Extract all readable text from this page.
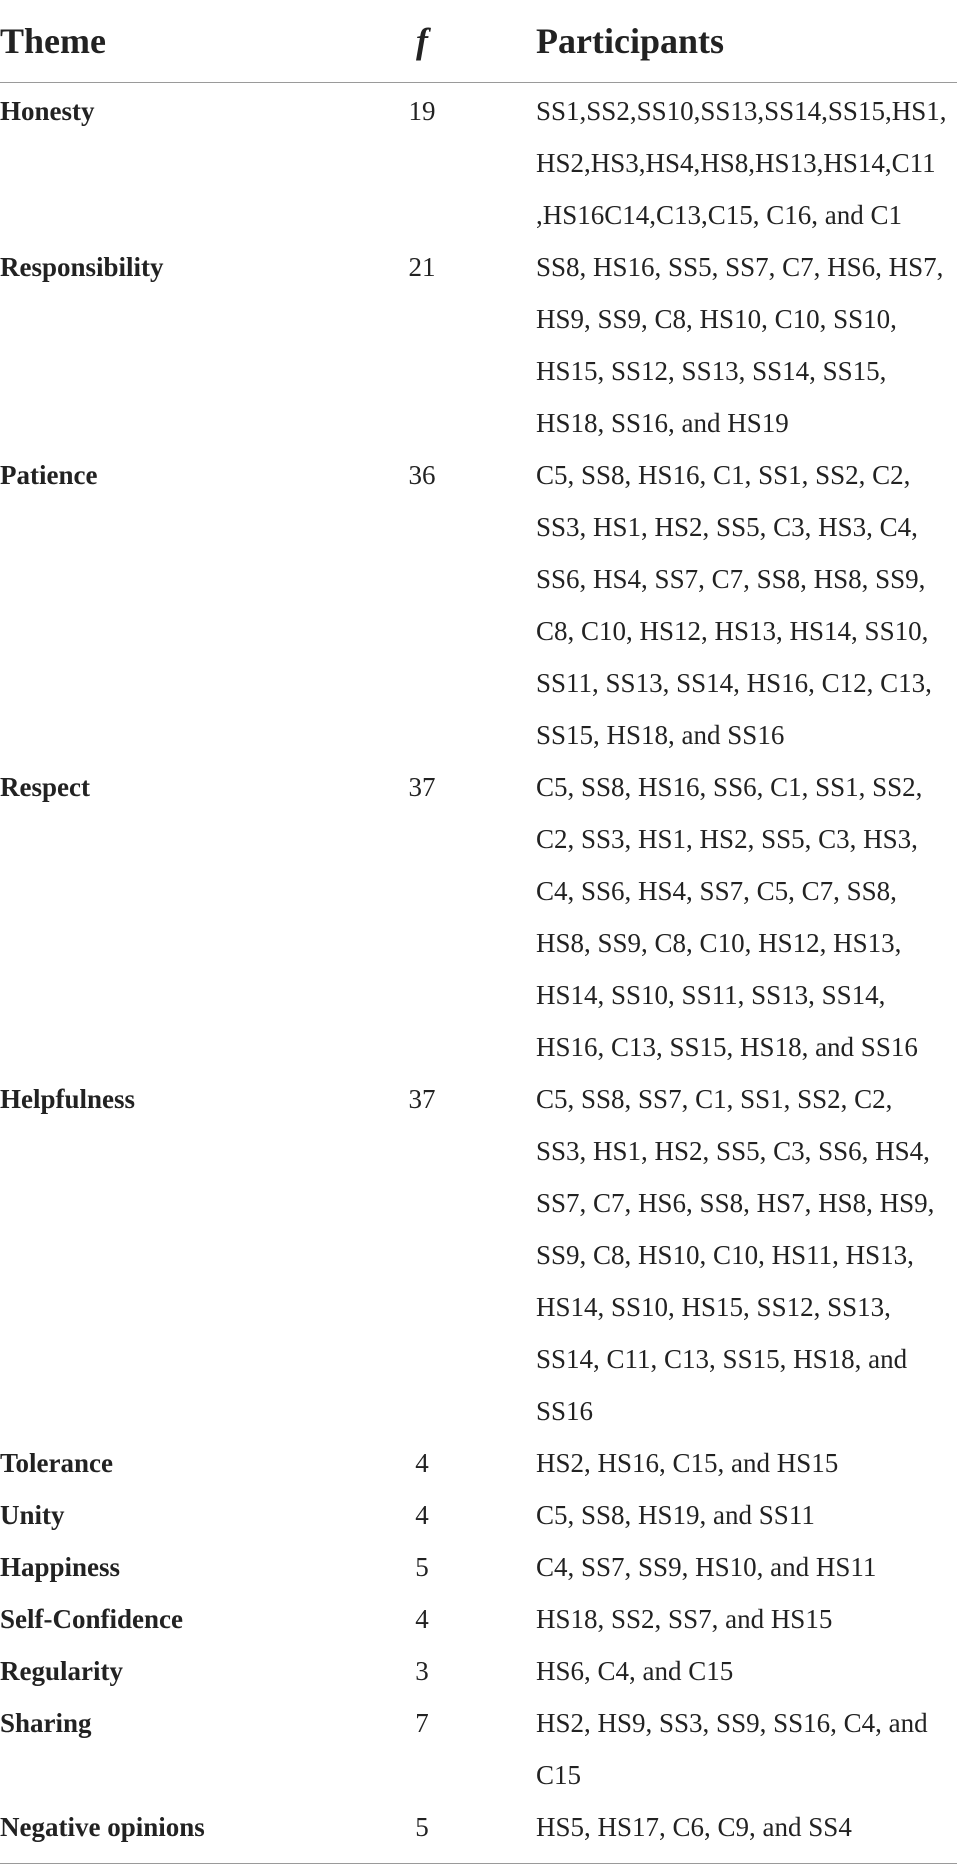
Theme	f	Participants
Honesty	19	SS1,SS2,SS10,SS13,SS14,SS15,HS1, HS2,HS3,HS4,HS8,HS13,HS14,C11 ,HS16C14,C13,C15, C16, and C1
Responsibility	21	SS8, HS16, SS5, SS7, C7, HS6, HS7, HS9, SS9, C8, HS10, C10, SS10, HS15, SS12, SS13, SS14, SS15, HS18, SS16, and HS19
Patience	36	C5, SS8, HS16, C1, SS1, SS2, C2, SS3, HS1, HS2, SS5, C3, HS3, C4, SS6, HS4, SS7, C7, SS8, HS8, SS9, C8, C10, HS12, HS13, HS14, SS10, SS11, SS13, SS14, HS16, C12, C13, SS15, HS18, and SS16
Respect	37	C5, SS8, HS16, SS6, C1, SS1, SS2, C2, SS3, HS1, HS2, SS5, C3, HS3, C4, SS6, HS4, SS7, C5, C7, SS8, HS8, SS9, C8, C10, HS12, HS13, HS14, SS10, SS11, SS13, SS14, HS16, C13, SS15, HS18, and SS16
Helpfulness	37	C5, SS8, SS7, C1, SS1, SS2, C2, SS3, HS1, HS2, SS5, C3, SS6, HS4, SS7, C7, HS6, SS8, HS7, HS8, HS9, SS9, C8, HS10, C10, HS11, HS13, HS14, SS10, HS15, SS12, SS13, SS14, C11, C13, SS15, HS18, and SS16
Tolerance	4	HS2, HS16, C15, and HS15
Unity	4	C5, SS8, HS19, and SS11
Happiness	5	C4, SS7, SS9, HS10, and HS11
Self-Confidence	4	HS18, SS2, SS7, and HS15
Regularity	3	HS6, C4, and C15
Sharing	7	HS2, HS9, SS3, SS9, SS16, C4, and C15
Negative opinions	5	HS5, HS17, C6, C9, and SS4
